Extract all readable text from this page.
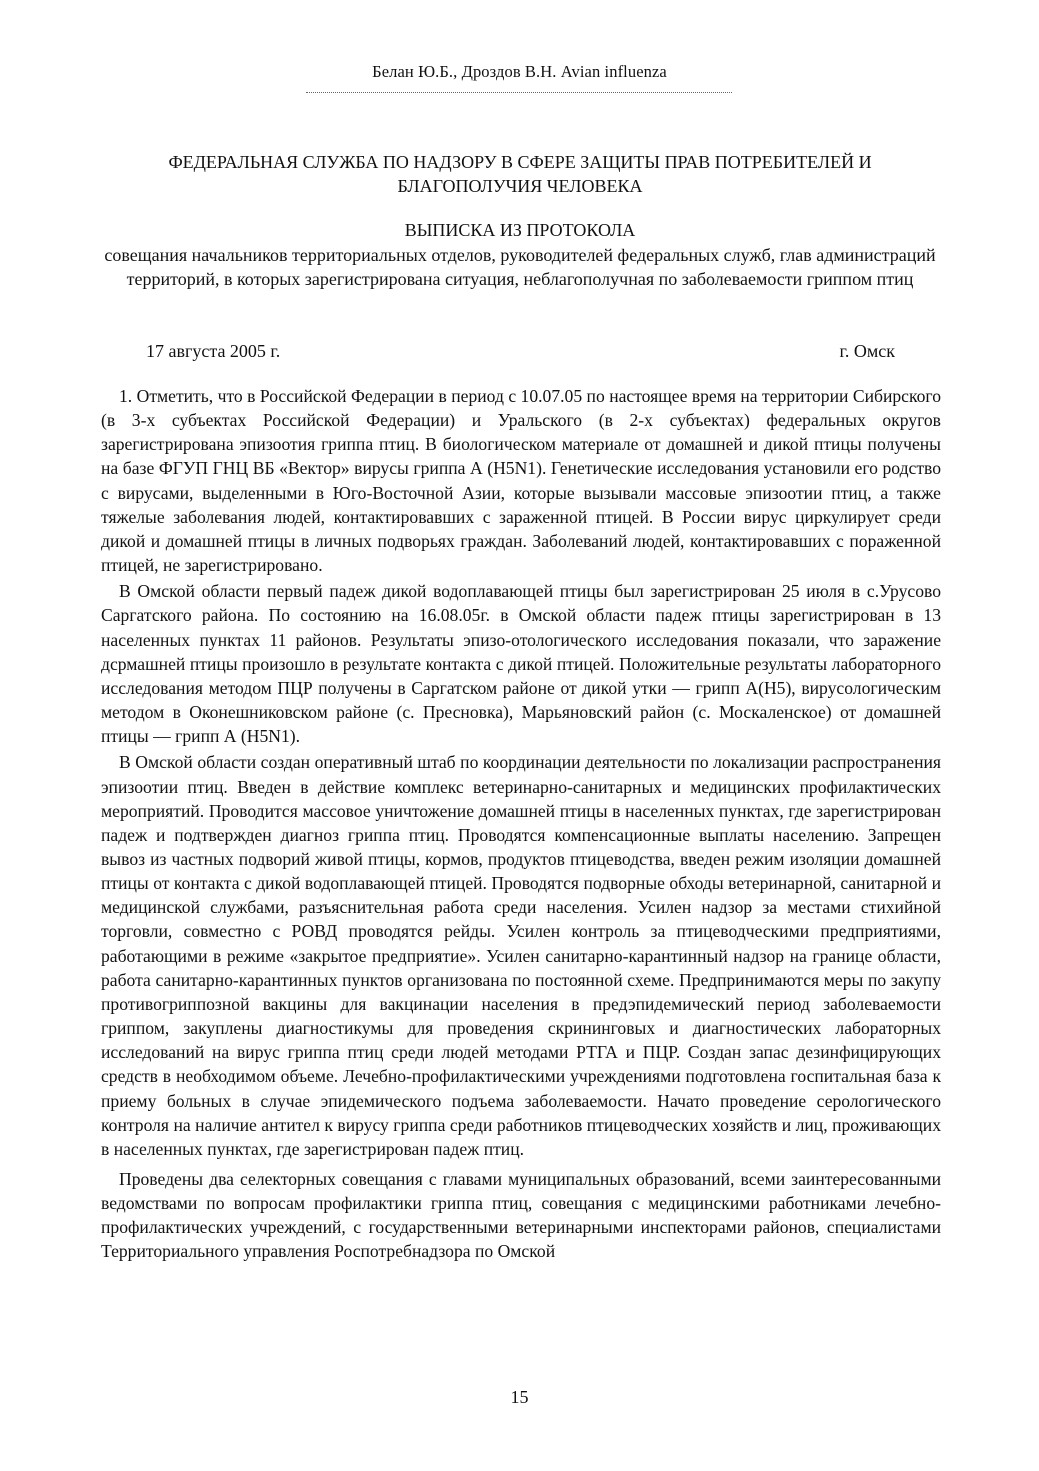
Белан Ю.Б., Дроздов В.Н. Avian influenza
ФЕДЕРАЛЬНАЯ СЛУЖБА ПО НАДЗОРУ В СФЕРЕ ЗАЩИТЫ ПРАВ ПОТРЕБИТЕЛЕЙ И БЛАГОПОЛУЧИЯ ЧЕЛОВЕКА
ВЫПИСКА ИЗ ПРОТОКОЛА
совещания начальников территориальных отделов, руководителей федеральных служб, глав администраций территорий, в которых зарегистрирована ситуация, неблагополучная по заболеваемости гриппом птиц
17 августа 2005 г.	г. Омск

1. Отметить, что в Российской Федерации в период с 10.07.05 по настоящее время на территории Сибирского (в 3-х субъектах Российской Федерации) и Уральского (в 2-х субъектах) федеральных округов зарегистрирована эпизоотия гриппа птиц. В биологическом материале от домашней и дикой птицы получены на базе ФГУП ГНЦ ВБ «Вектор» вирусы гриппа А (H5N1). Генетические исследования установили его родство с вирусами, выделенными в Юго-Восточной Азии, которые вызывали массовые эпизоотии птиц, а также тяжелые заболевания людей, контактировавших с зараженной птицей. В России вирус циркулирует среди дикой и домашней птицы в личных подворьях граждан. Заболеваний людей, контактировавших с пораженной птицей, не зарегистрировано.

В Омской области первый падеж дикой водоплавающей птицы был зарегистрирован 25 июля в с.Урусово Саргатского района. По состоянию на 16.08.05г. в Омской области падеж птицы зарегистрирован в 13 населенных пунктах 11 районов. Результаты эпизо-отологического исследования показали, что заражение дсрмашней птицы произошло в результате контакта с дикой птицей. Положительные результаты лабораторного исследования методом ПЦР получены в Саргатском районе от дикой утки — грипп А(H5), вирусологическим методом в Оконешниковском районе (с. Пресновка), Марьяновский район (с. Москаленское) от домашней птицы — грипп А (H5N1).

В Омской области создан оперативный штаб по координации деятельности по локализации распространения эпизоотии птиц. Введен в действие комплекс ветеринарно-санитарных и медицинских профилактических мероприятий. Проводится массовое уничтожение домашней птицы в населенных пунктах, где зарегистрирован падеж и подтвержден диагноз гриппа птиц. Проводятся компенсационные выплаты населению. Запрещен вывоз из частных подворий живой птицы, кормов, продуктов птицеводства, введен режим изоляции домашней птицы от контакта с дикой водоплавающей птицей. Проводятся подворные обходы ветеринарной, санитарной и медицинской службами, разъяснительная работа среди населения. Усилен надзор за местами стихийной торговли, совместно с РОВД проводятся рейды. Усилен контроль за птицеводческими предприятиями, работающими в режиме «закрытое предприятие». Усилен санитарно-карантинный надзор на границе области, работа санитарно-карантинных пунктов организована по постоянной схеме. Предпринимаются меры по закупу противогриппозной вакцины для вакцинации населения в предэпидемический период заболеваемости гриппом, закуплены диагностикумы для проведения скрининговых и диагностических лабораторных исследований на вирус гриппа птиц среди людей методами РТГА и ПЦР. Создан запас дезинфицирующих средств в необходимом объеме. Лечебно-профилактическими учреждениями подготовлена госпитальная база к приему больных в случае эпидемического подъема заболеваемости. Начато проведение серологического контроля на наличие антител к вирусу гриппа среди работников птицеводческих хозяйств и лиц, проживающих в населенных пунктах, где зарегистрирован падеж птиц.

Проведены два селекторных совещания с главами муниципальных образований, всеми заинтересованными ведомствами по вопросам профилактики гриппа птиц, совещания с медицинскими работниками лечебно-профилактических учреждений, с государственными ветеринарными инспекторами районов, специалистами Территориального управления Роспотребнадзора по Омской

15
